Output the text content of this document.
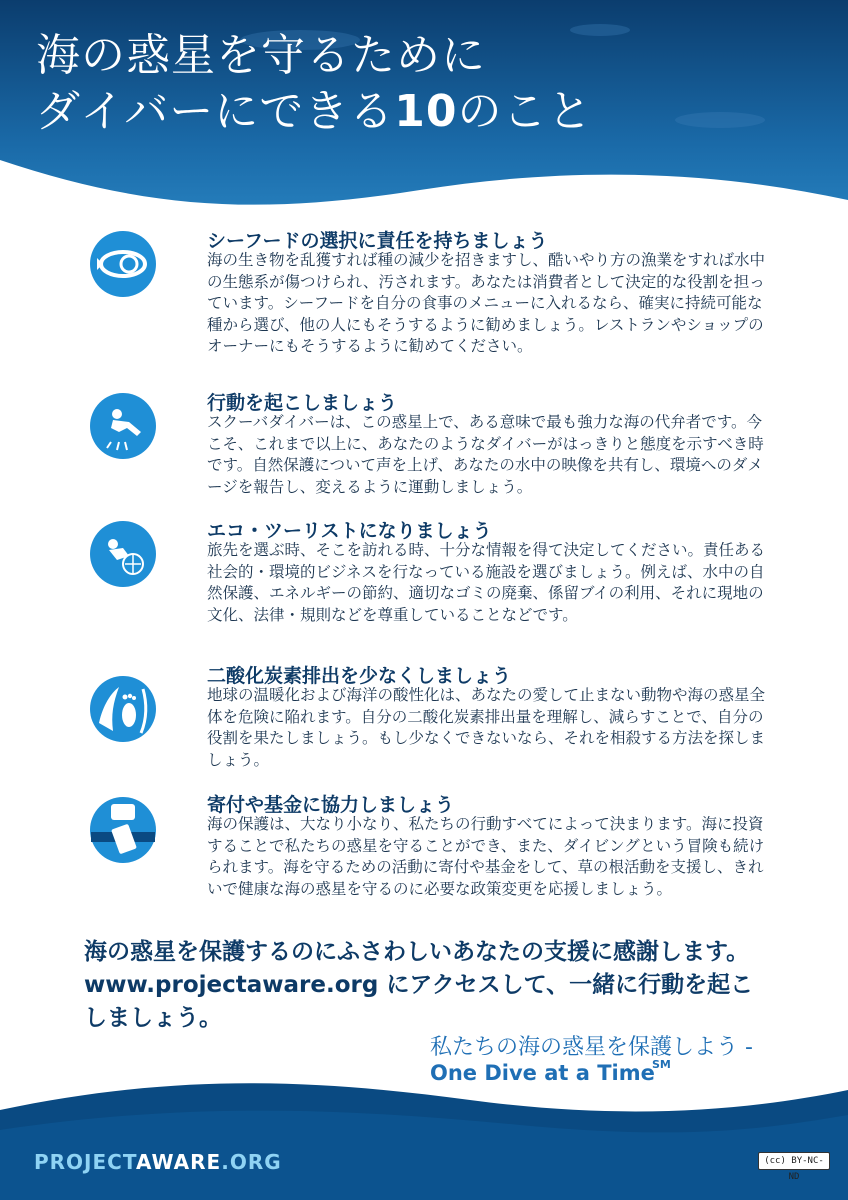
海の惑星を守るために
ダイバーにできる10のこと
シーフードの選択に責任を持ちましょう
海の生き物を乱獲すれば種の減少を招きますし、酷いやり方の漁業をすれば水中の生態系が傷つけられ、汚されます。あなたは消費者として決定的な役割を担っています。シーフードを自分の食事のメニューに入れるなら、確実に持続可能な種から選び、他の人にもそうするように勧めましょう。レストランやショップのオーナーにもそうするように勧めてください。
行動を起こしましょう
スクーバダイバーは、この惑星上で、ある意味で最も強力な海の代弁者です。今こそ、これまで以上に、あなたのようなダイバーがはっきりと態度を示すべき時です。自然保護について声を上げ、あなたの水中の映像を共有し、環境へのダメージを報告し、変えるように運動しましょう。
エコ・ツーリストになりましょう
旅先を選ぶ時、そこを訪れる時、十分な情報を得て決定してください。責任ある社会的・環境的ビジネスを行なっている施設を選びましょう。例えば、水中の自然保護、エネルギーの節約、適切なゴミの廃棄、係留ブイの利用、それに現地の文化、法律・規則などを尊重していることなどです。
二酸化炭素排出を少なくしましょう
地球の温暖化および海洋の酸性化は、あなたの愛して止まない動物や海の惑星全体を危険に陥れます。自分の二酸化炭素排出量を理解し、減らすことで、自分の役割を果たしましょう。もし少なくできないなら、それを相殺する方法を探しましょう。
寄付や基金に協力しましょう
海の保護は、大なり小なり、私たちの行動すべてによって決まります。海に投資することで私たちの惑星を守ることができ、また、ダイビングという冒険も続けられます。海を守るための活動に寄付や基金をして、草の根活動を支援し、きれいで健康な海の惑星を守るのに必要な政策変更を応援しましょう。
海の惑星を保護するのにふさわしいあなたの支援に感謝します。www.projectaware.org にアクセスして、一緒に行動を起こしましょう。
私たちの海の惑星を保護しよう -
One Dive at a Time
SM
PROJECTAWARE.ORG	(cc) BY-NC-ND
